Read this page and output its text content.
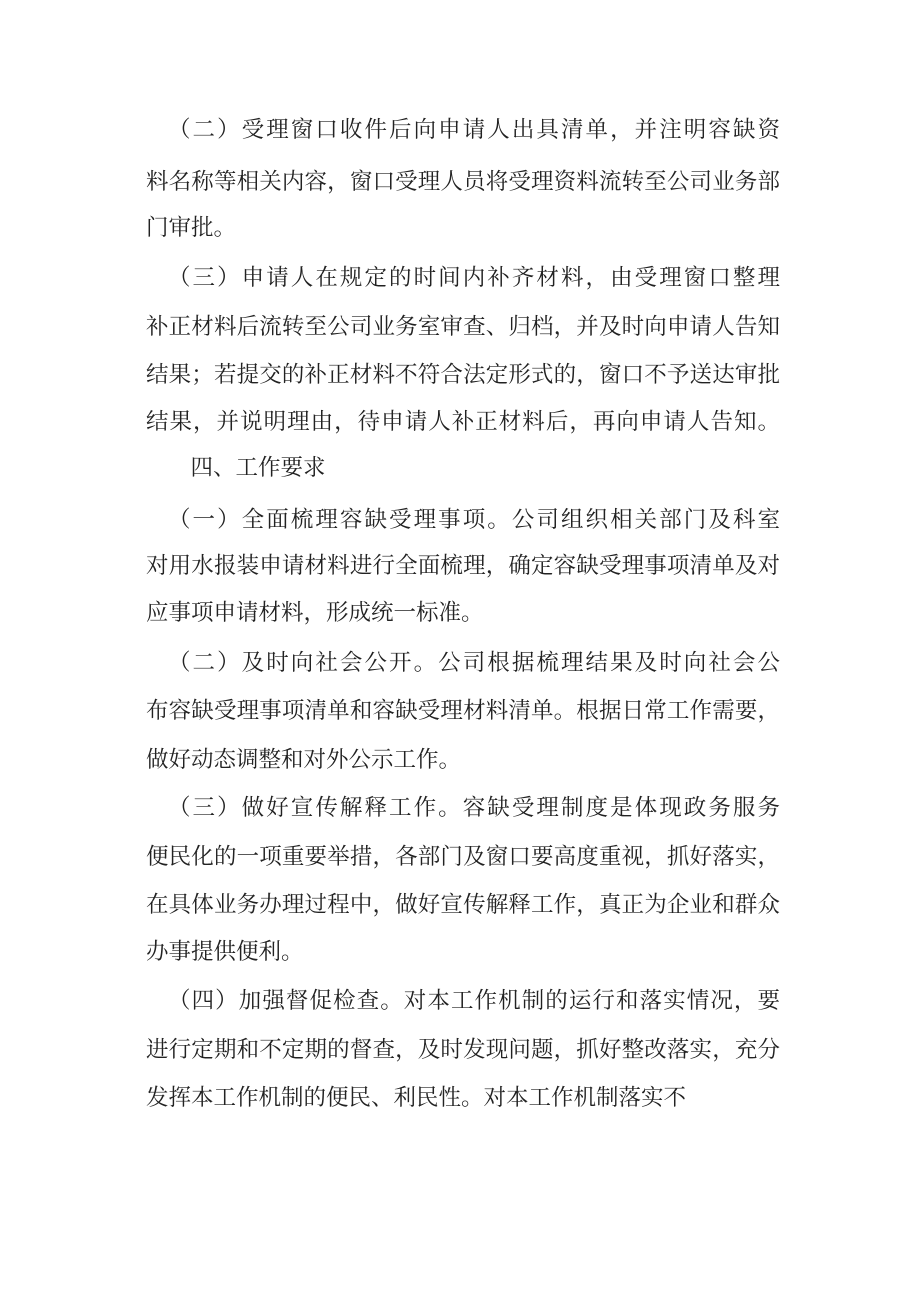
（二）受理窗口收件后向申请人出具清单，并注明容缺资
料名称等相关内容，窗口受理人员将受理资料流转至公司业务部
门审批。
（三）申请人在规定的时间内补齐材料，由受理窗口整理
补正材料后流转至公司业务室审查、归档，并及时向申请人告知
结果；若提交的补正材料不符合法定形式的，窗口不予送达审批
结果，并说明理由，待申请人补正材料后，再向申请人告知。
　四、工作要求
（一）全面梳理容缺受理事项。公司组织相关部门及科室
对用水报装申请材料进行全面梳理，确定容缺受理事项清单及对
应事项申请材料，形成统一标准。
（二）及时向社会公开。公司根据梳理结果及时向社会公
布容缺受理事项清单和容缺受理材料清单。根据日常工作需要，
做好动态调整和对外公示工作。
（三）做好宣传解释工作。容缺受理制度是体现政务服务
便民化的一项重要举措，各部门及窗口要高度重视，抓好落实，
在具体业务办理过程中，做好宣传解释工作，真正为企业和群众
办事提供便利。
（四）加强督促检查。对本工作机制的运行和落实情况，要
进行定期和不定期的督查，及时发现问题，抓好整改落实，充分
发挥本工作机制的便民、利民性。对本工作机制落实不
